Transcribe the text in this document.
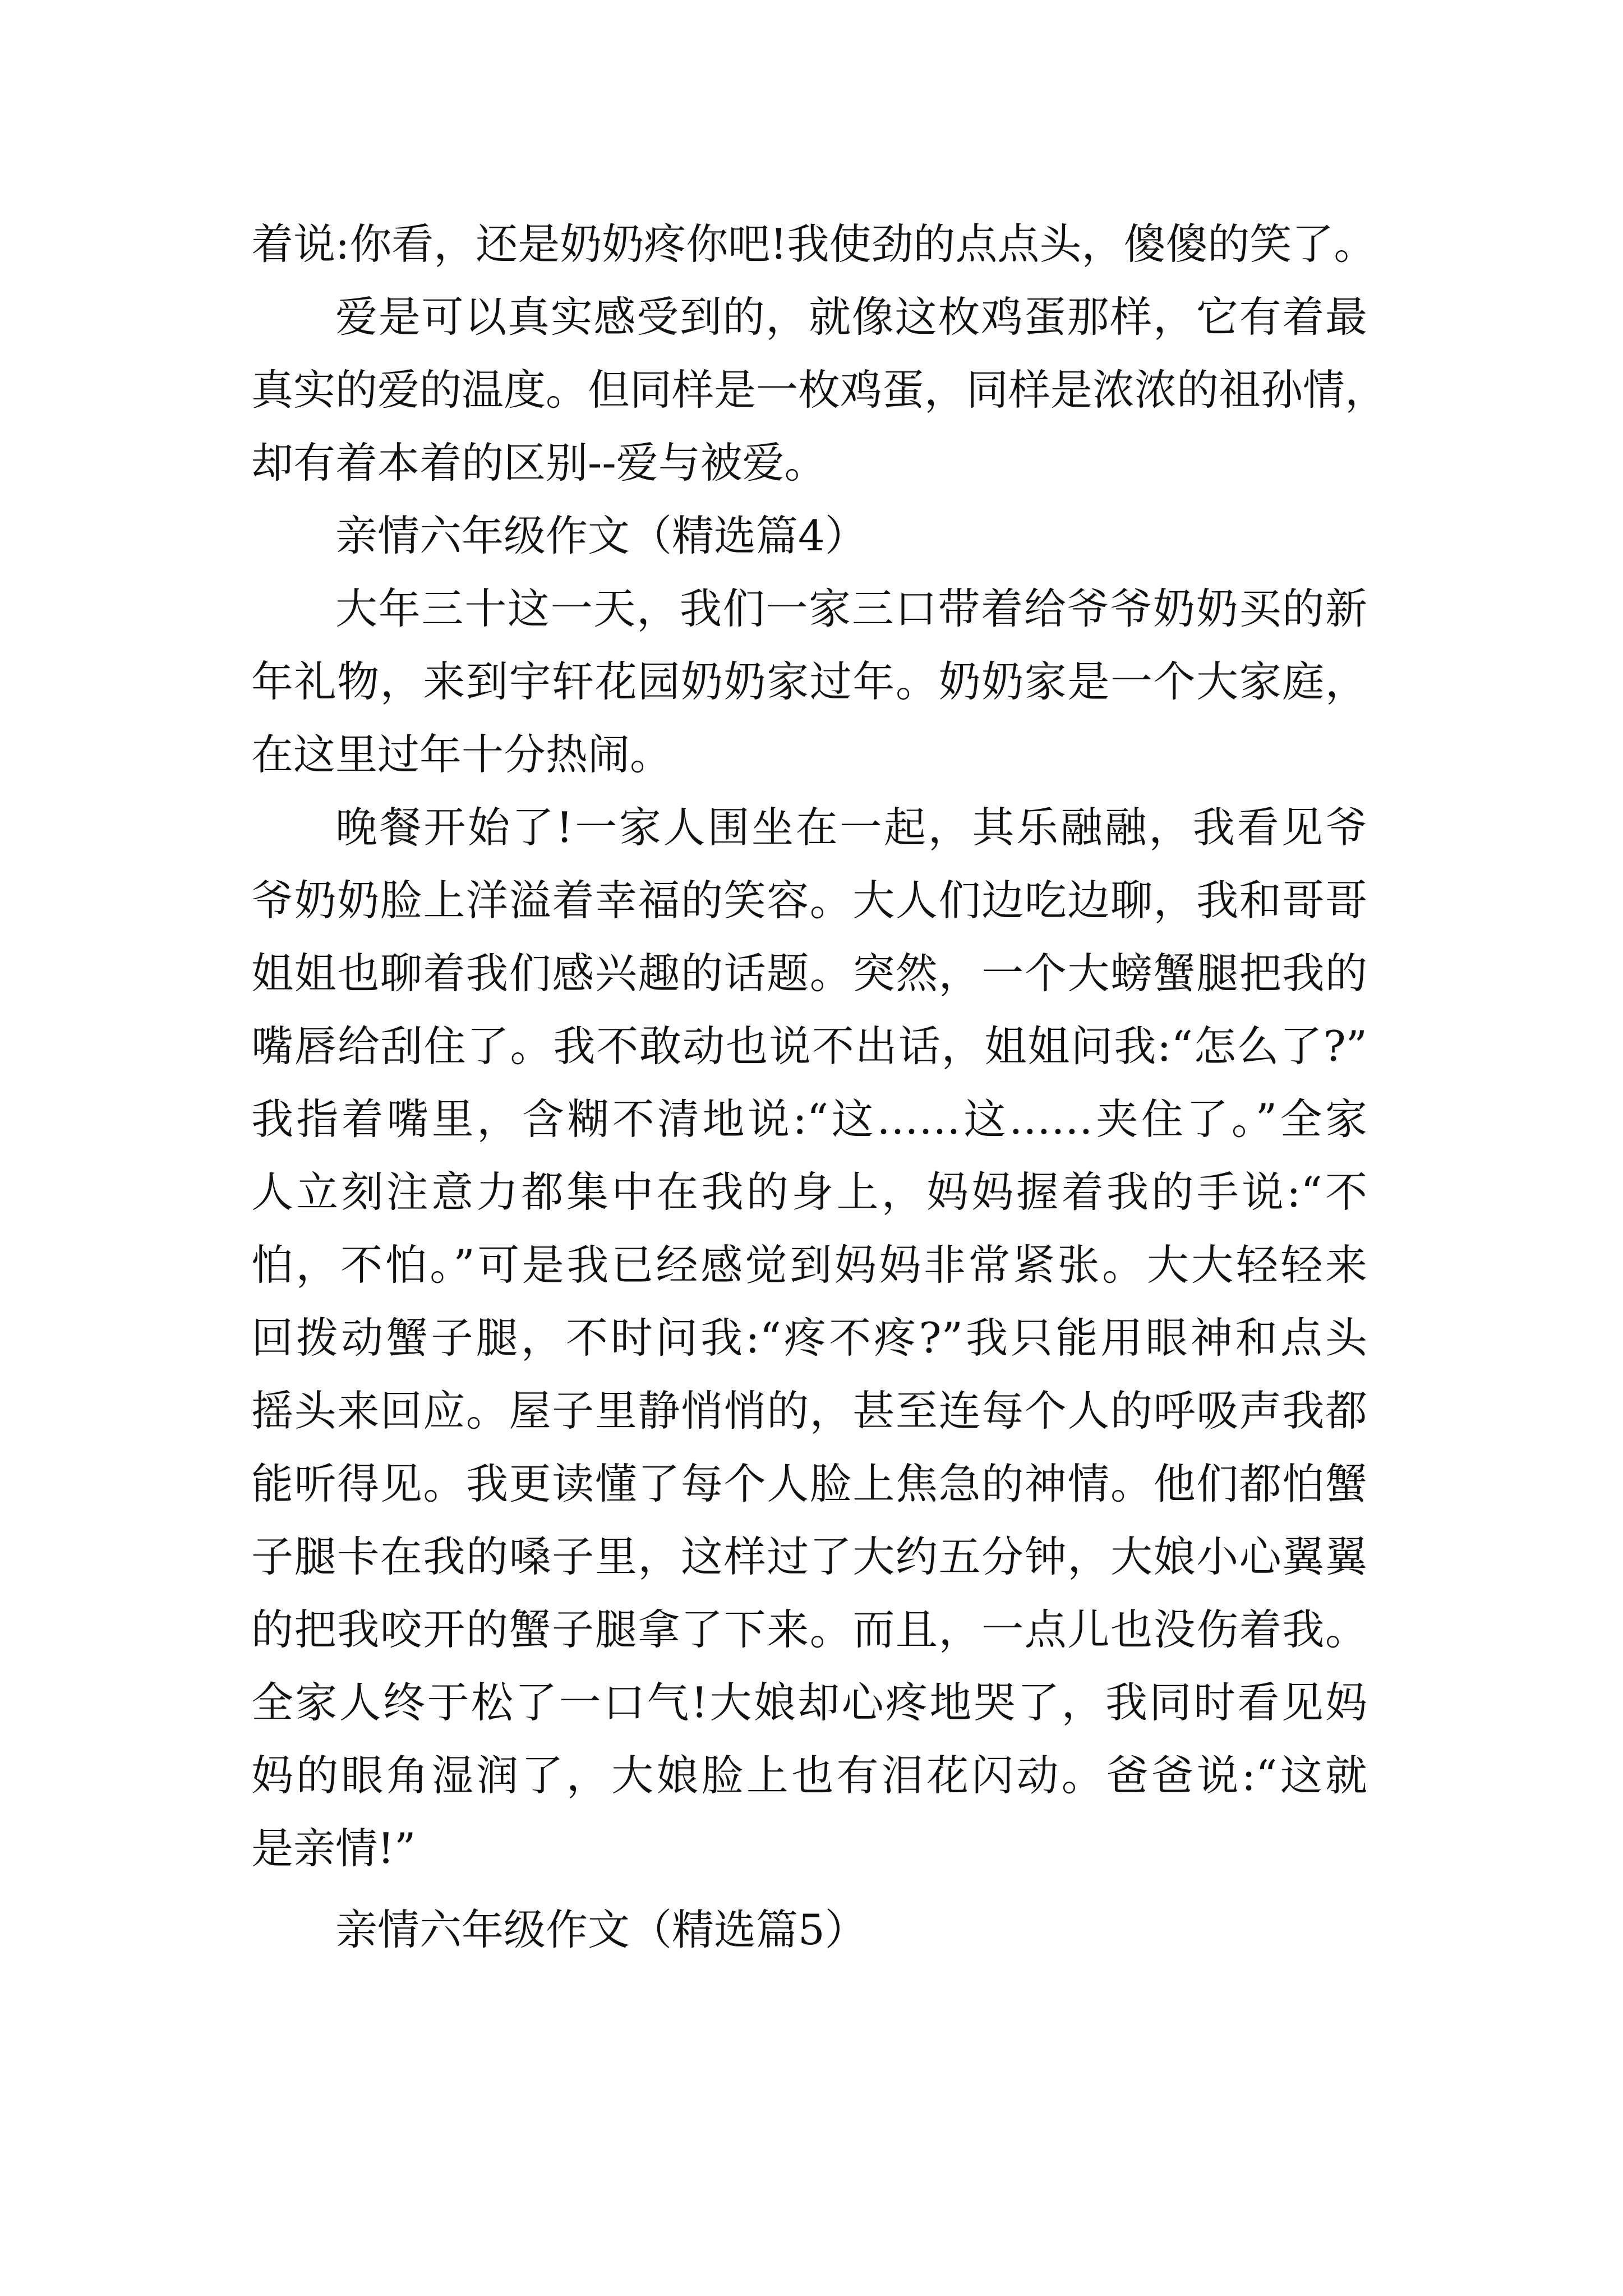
着说:你看，还是奶奶疼你吧!我使劲的点点头，傻傻的笑了。

爱是可以真实感受到的，就像这枚鸡蛋那样，它有着最

真实的爱的温度。但同样是一枚鸡蛋，同样是浓浓的祖孙情，

却有着本着的区别--爱与被爱。

亲情六年级作文（精选篇4）

大年三十这一天，我们一家三口带着给爷爷奶奶买的新

年礼物，来到宇轩花园奶奶家过年。奶奶家是一个大家庭，

在这里过年十分热闹。

晚餐开始了!一家人围坐在一起，其乐融融，我看见爷

爷奶奶脸上洋溢着幸福的笑容。大人们边吃边聊，我和哥哥

姐姐也聊着我们感兴趣的话题。突然，一个大螃蟹腿把我的

嘴唇给刮住了。我不敢动也说不出话，姐姐问我:“怎么了?”

我指着嘴里，含糊不清地说:“这……这……夹住了。”全家

人立刻注意力都集中在我的身上，妈妈握着我的手说:“不

怕，不怕。”可是我已经感觉到妈妈非常紧张。大大轻轻来

回拨动蟹子腿，不时问我:“疼不疼?”我只能用眼神和点头

摇头来回应。屋子里静悄悄的，甚至连每个人的呼吸声我都

能听得见。我更读懂了每个人脸上焦急的神情。他们都怕蟹

子腿卡在我的嗓子里，这样过了大约五分钟，大娘小心翼翼

的把我咬开的蟹子腿拿了下来。而且，一点儿也没伤着我。

全家人终于松了一口气!大娘却心疼地哭了，我同时看见妈

妈的眼角湿润了，大娘脸上也有泪花闪动。爸爸说:“这就

是亲情!”

亲情六年级作文（精选篇5）
